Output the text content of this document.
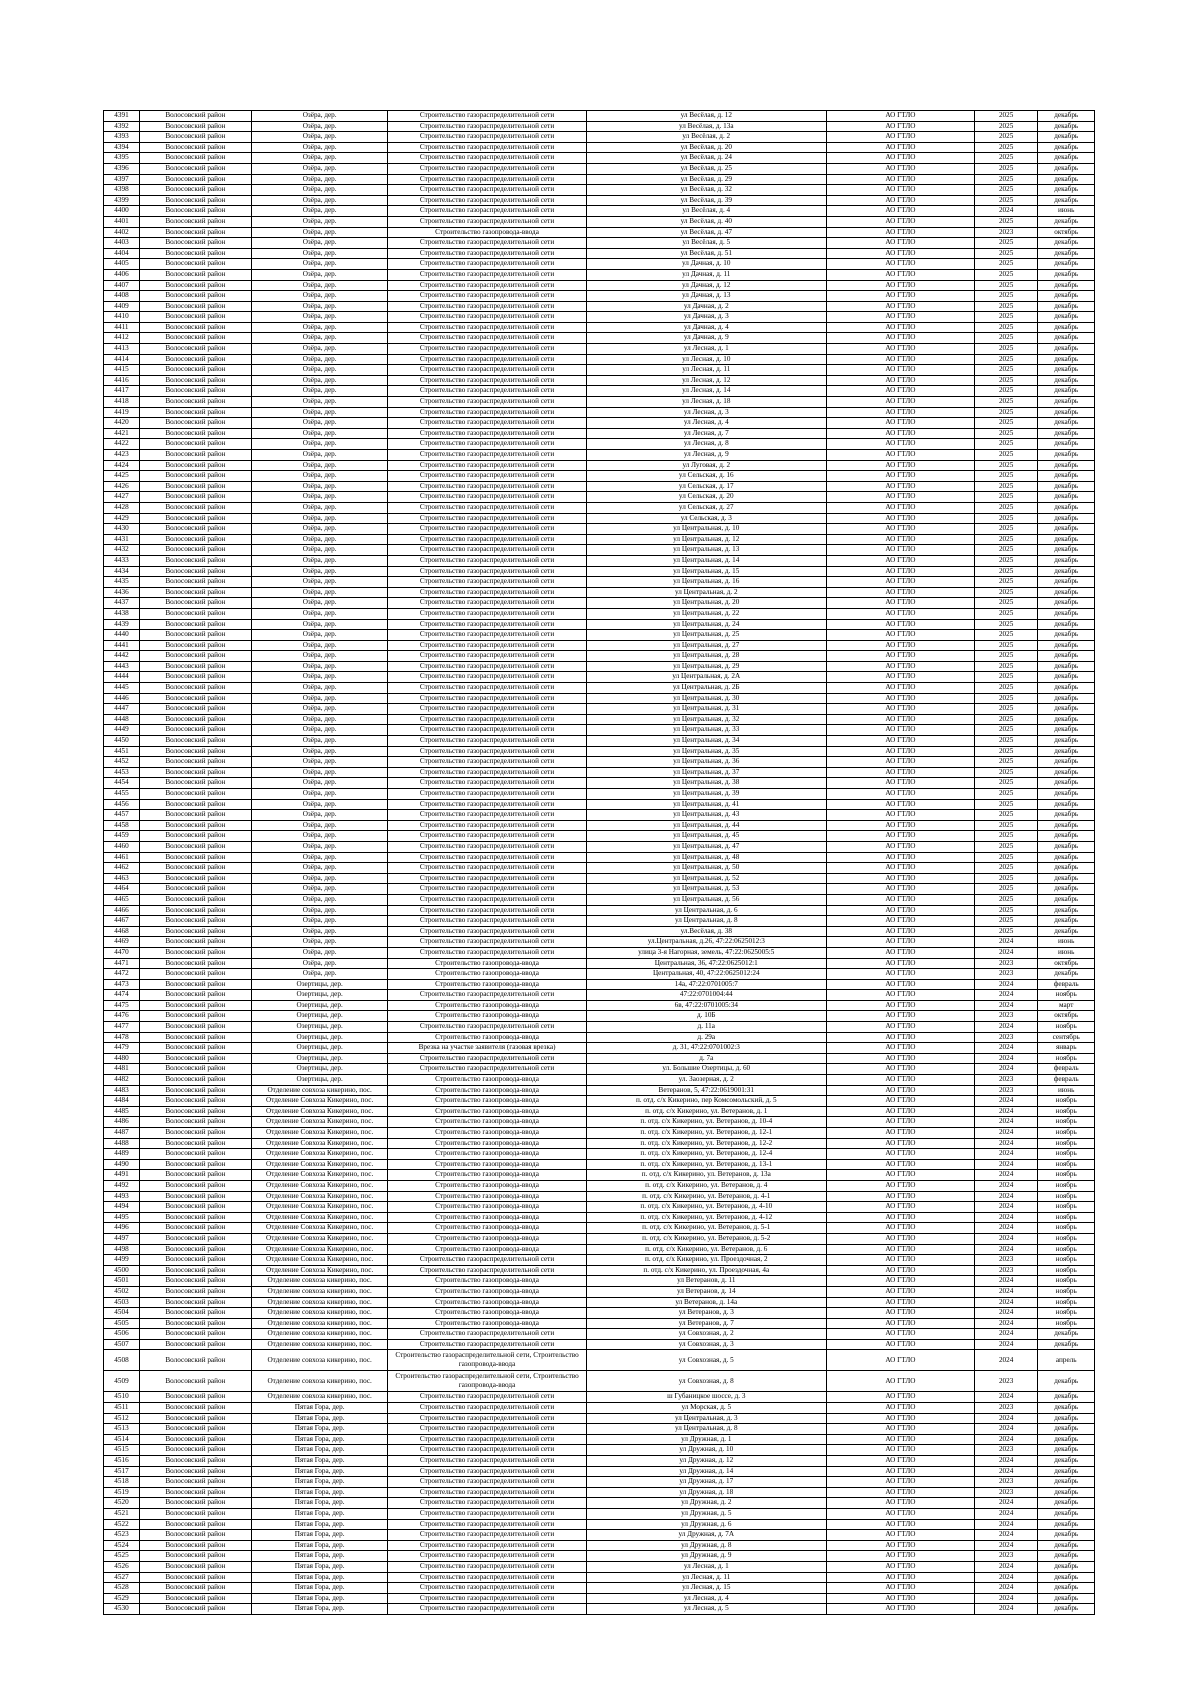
4391	Волосовский район	Озёра, дер.	Строительство газораспределительной сети	ул Весёлая, д. 12	АО ГТЛО	2025	декабрь
4392	Волосовский район	Озёра, дер.	Строительство газораспределительной сети	ул Весёлая, д. 13а	АО ГТЛО	2025	декабрь
4393	Волосовский район	Озёра, дер.	Строительство газораспределительной сети	ул Весёлая, д. 2	АО ГТЛО	2025	декабрь
4394	Волосовский район	Озёра, дер.	Строительство газораспределительной сети	ул Весёлая, д. 20	АО ГТЛО	2025	декабрь
4395	Волосовский район	Озёра, дер.	Строительство газораспределительной сети	ул Весёлая, д. 24	АО ГТЛО	2025	декабрь
4396	Волосовский район	Озёра, дер.	Строительство газораспределительной сети	ул Весёлая, д. 25	АО ГТЛО	2025	декабрь
4397	Волосовский район	Озёра, дер.	Строительство газораспределительной сети	ул Весёлая, д. 29	АО ГТЛО	2025	декабрь
4398	Волосовский район	Озёра, дер.	Строительство газораспределительной сети	ул Весёлая, д. 32	АО ГТЛО	2025	декабрь
4399	Волосовский район	Озёра, дер.	Строительство газораспределительной сети	ул Весёлая, д. 39	АО ГТЛО	2025	декабрь
4400	Волосовский район	Озёра, дер.	Строительство газораспределительной сети	ул Весёлая, д. 4	АО ГТЛО	2024	июнь
4401	Волосовский район	Озёра, дер.	Строительство газораспределительной сети	ул Весёлая, д. 40	АО ГТЛО	2025	декабрь
4402	Волосовский район	Озёра, дер.	Строительство газопровода-ввода	ул Весёлая, д. 47	АО ГТЛО	2023	октябрь
4403	Волосовский район	Озёра, дер.	Строительство газораспределительной сети	ул Весёлая, д. 5	АО ГТЛО	2025	декабрь
4404	Волосовский район	Озёра, дер.	Строительство газораспределительной сети	ул Весёлая, д. 51	АО ГТЛО	2025	декабрь
4405	Волосовский район	Озёра, дер.	Строительство газораспределительной сети	ул Дачная, д. 10	АО ГТЛО	2025	декабрь
4406	Волосовский район	Озёра, дер.	Строительство газораспределительной сети	ул Дачная, д. 11	АО ГТЛО	2025	декабрь
4407	Волосовский район	Озёра, дер.	Строительство газораспределительной сети	ул Дачная, д. 12	АО ГТЛО	2025	декабрь
4408	Волосовский район	Озёра, дер.	Строительство газораспределительной сети	ул Дачная, д. 13	АО ГТЛО	2025	декабрь
4409	Волосовский район	Озёра, дер.	Строительство газораспределительной сети	ул Дачная, д. 2	АО ГТЛО	2025	декабрь
4410	Волосовский район	Озёра, дер.	Строительство газораспределительной сети	ул Дачная, д. 3	АО ГТЛО	2025	декабрь
4411	Волосовский район	Озёра, дер.	Строительство газораспределительной сети	ул Дачная, д. 4	АО ГТЛО	2025	декабрь
4412	Волосовский район	Озёра, дер.	Строительство газораспределительной сети	ул Дачная, д. 9	АО ГТЛО	2025	декабрь
4413	Волосовский район	Озёра, дер.	Строительство газораспределительной сети	ул Лесная, д. 1	АО ГТЛО	2025	декабрь
4414	Волосовский район	Озёра, дер.	Строительство газораспределительной сети	ул Лесная, д. 10	АО ГТЛО	2025	декабрь
4415	Волосовский район	Озёра, дер.	Строительство газораспределительной сети	ул Лесная, д. 11	АО ГТЛО	2025	декабрь
4416	Волосовский район	Озёра, дер.	Строительство газораспределительной сети	ул Лесная, д. 12	АО ГТЛО	2025	декабрь
4417	Волосовский район	Озёра, дер.	Строительство газораспределительной сети	ул Лесная, д. 14	АО ГТЛО	2025	декабрь
4418	Волосовский район	Озёра, дер.	Строительство газораспределительной сети	ул Лесная, д. 18	АО ГТЛО	2025	декабрь
4419	Волосовский район	Озёра, дер.	Строительство газораспределительной сети	ул Лесная, д. 3	АО ГТЛО	2025	декабрь
4420	Волосовский район	Озёра, дер.	Строительство газораспределительной сети	ул Лесная, д. 4	АО ГТЛО	2025	декабрь
4421	Волосовский район	Озёра, дер.	Строительство газораспределительной сети	ул Лесная, д. 7	АО ГТЛО	2025	декабрь
4422	Волосовский район	Озёра, дер.	Строительство газораспределительной сети	ул Лесная, д. 8	АО ГТЛО	2025	декабрь
4423	Волосовский район	Озёра, дер.	Строительство газораспределительной сети	ул Лесная, д. 9	АО ГТЛО	2025	декабрь
4424	Волосовский район	Озёра, дер.	Строительство газораспределительной сети	ул Луговая, д. 2	АО ГТЛО	2025	декабрь
4425	Волосовский район	Озёра, дер.	Строительство газораспределительной сети	ул Сельская, д. 16	АО ГТЛО	2025	декабрь
4426	Волосовский район	Озёра, дер.	Строительство газораспределительной сети	ул Сельская, д. 17	АО ГТЛО	2025	декабрь
4427	Волосовский район	Озёра, дер.	Строительство газораспределительной сети	ул Сельская, д. 20	АО ГТЛО	2025	декабрь
4428	Волосовский район	Озёра, дер.	Строительство газораспределительной сети	ул Сельская, д. 27	АО ГТЛО	2025	декабрь
4429	Волосовский район	Озёра, дер.	Строительство газораспределительной сети	ул Сельская, д. 3	АО ГТЛО	2025	декабрь
4430	Волосовский район	Озёра, дер.	Строительство газораспределительной сети	ул Центральная, д. 10	АО ГТЛО	2025	декабрь
4431	Волосовский район	Озёра, дер.	Строительство газораспределительной сети	ул Центральная, д. 12	АО ГТЛО	2025	декабрь
4432	Волосовский район	Озёра, дер.	Строительство газораспределительной сети	ул Центральная, д. 13	АО ГТЛО	2025	декабрь
4433	Волосовский район	Озёра, дер.	Строительство газораспределительной сети	ул Центральная, д. 14	АО ГТЛО	2025	декабрь
4434	Волосовский район	Озёра, дер.	Строительство газораспределительной сети	ул Центральная, д. 15	АО ГТЛО	2025	декабрь
4435	Волосовский район	Озёра, дер.	Строительство газораспределительной сети	ул Центральная, д. 16	АО ГТЛО	2025	декабрь
4436	Волосовский район	Озёра, дер.	Строительство газораспределительной сети	ул Центральная, д. 2	АО ГТЛО	2025	декабрь
4437	Волосовский район	Озёра, дер.	Строительство газораспределительной сети	ул Центральная, д. 20	АО ГТЛО	2025	декабрь
4438	Волосовский район	Озёра, дер.	Строительство газораспределительной сети	ул Центральная, д. 22	АО ГТЛО	2025	декабрь
4439	Волосовский район	Озёра, дер.	Строительство газораспределительной сети	ул Центральная, д. 24	АО ГТЛО	2025	декабрь
4440	Волосовский район	Озёра, дер.	Строительство газораспределительной сети	ул Центральная, д. 25	АО ГТЛО	2025	декабрь
4441	Волосовский район	Озёра, дер.	Строительство газораспределительной сети	ул Центральная, д. 27	АО ГТЛО	2025	декабрь
4442	Волосовский район	Озёра, дер.	Строительство газораспределительной сети	ул Центральная, д. 28	АО ГТЛО	2025	декабрь
4443	Волосовский район	Озёра, дер.	Строительство газораспределительной сети	ул Центральная, д. 29	АО ГТЛО	2025	декабрь
4444	Волосовский район	Озёра, дер.	Строительство газораспределительной сети	ул Центральная, д. 2А	АО ГТЛО	2025	декабрь
4445	Волосовский район	Озёра, дер.	Строительство газораспределительной сети	ул Центральная, д. 2Б	АО ГТЛО	2025	декабрь
4446	Волосовский район	Озёра, дер.	Строительство газораспределительной сети	ул Центральная, д. 30	АО ГТЛО	2025	декабрь
4447	Волосовский район	Озёра, дер.	Строительство газораспределительной сети	ул Центральная, д. 31	АО ГТЛО	2025	декабрь
4448	Волосовский район	Озёра, дер.	Строительство газораспределительной сети	ул Центральная, д. 32	АО ГТЛО	2025	декабрь
4449	Волосовский район	Озёра, дер.	Строительство газораспределительной сети	ул Центральная, д. 33	АО ГТЛО	2025	декабрь
4450	Волосовский район	Озёра, дер.	Строительство газораспределительной сети	ул Центральная, д. 34	АО ГТЛО	2025	декабрь
4451	Волосовский район	Озёра, дер.	Строительство газораспределительной сети	ул Центральная, д. 35	АО ГТЛО	2025	декабрь
4452	Волосовский район	Озёра, дер.	Строительство газораспределительной сети	ул Центральная, д. 36	АО ГТЛО	2025	декабрь
4453	Волосовский район	Озёра, дер.	Строительство газораспределительной сети	ул Центральная, д. 37	АО ГТЛО	2025	декабрь
4454	Волосовский район	Озёра, дер.	Строительство газораспределительной сети	ул Центральная, д. 38	АО ГТЛО	2025	декабрь
4455	Волосовский район	Озёра, дер.	Строительство газораспределительной сети	ул Центральная, д. 39	АО ГТЛО	2025	декабрь
4456	Волосовский район	Озёра, дер.	Строительство газораспределительной сети	ул Центральная, д. 41	АО ГТЛО	2025	декабрь
4457	Волосовский район	Озёра, дер.	Строительство газораспределительной сети	ул Центральная, д. 43	АО ГТЛО	2025	декабрь
4458	Волосовский район	Озёра, дер.	Строительство газораспределительной сети	ул Центральная, д. 44	АО ГТЛО	2025	декабрь
4459	Волосовский район	Озёра, дер.	Строительство газораспределительной сети	ул Центральная, д. 45	АО ГТЛО	2025	декабрь
4460	Волосовский район	Озёра, дер.	Строительство газораспределительной сети	ул Центральная, д. 47	АО ГТЛО	2025	декабрь
4461	Волосовский район	Озёра, дер.	Строительство газораспределительной сети	ул Центральная, д. 48	АО ГТЛО	2025	декабрь
4462	Волосовский район	Озёра, дер.	Строительство газораспределительной сети	ул Центральная, д. 50	АО ГТЛО	2025	декабрь
4463	Волосовский район	Озёра, дер.	Строительство газораспределительной сети	ул Центральная, д. 52	АО ГТЛО	2025	декабрь
4464	Волосовский район	Озёра, дер.	Строительство газораспределительной сети	ул Центральная, д. 53	АО ГТЛО	2025	декабрь
4465	Волосовский район	Озёра, дер.	Строительство газораспределительной сети	ул Центральная, д. 56	АО ГТЛО	2025	декабрь
4466	Волосовский район	Озёра, дер.	Строительство газораспределительной сети	ул Центральная, д. 6	АО ГТЛО	2025	декабрь
4467	Волосовский район	Озёра, дер.	Строительство газораспределительной сети	ул Центральная, д. 8	АО ГТЛО	2025	декабрь
4468	Волосовский район	Озёра, дер.	Строительство газораспределительной сети	ул.Весёлая, д. 38	АО ГТЛО	2025	декабрь
4469	Волосовский район	Озёра, дер.	Строительство газораспределительной сети	ул.Центральная, д.26, 47:22:0625012:3	АО ГТЛО	2024	июнь
4470	Волосовский район	Озёра, дер.	Строительство газораспределительной сети	улица 3-я Нагорная, земель, 47:22:0625005:5	АО ГТЛО	2024	июнь
4471	Волосовский район	Озёра, дер.	Строительство газопровода-ввода	Центральная, 36, 47:22:0625012:1	АО ГТЛО	2023	октябрь
4472	Волосовский район	Озёра, дер.	Строительство газопровода-ввода	Центральная, 40, 47:22:0625012:24	АО ГТЛО	2023	декабрь
4473	Волосовский район	Озертицы, дер.	Строительство газопровода-ввода	14а, 47:22:0701005:7	АО ГТЛО	2024	февраль
4474	Волосовский район	Озертицы, дер.	Строительство газораспределительной сети	47:22:0701004:44	АО ГТЛО	2024	ноябрь
4475	Волосовский район	Озертицы, дер.	Строительство газопровода-ввода	6в, 47:22:0701005:34	АО ГТЛО	2024	март
4476	Волосовский район	Озертицы, дер.	Строительство газопровода-ввода	д. 10Б	АО ГТЛО	2023	октябрь
4477	Волосовский район	Озертицы, дер.	Строительство газораспределительной сети	д. 11а	АО ГТЛО	2024	ноябрь
4478	Волосовский район	Озертицы, дер.	Строительство газопровода-ввода	д. 29а	АО ГТЛО	2023	сентябрь
4479	Волосовский район	Озертицы, дер.	Врезка на участке заявителя (газовая врезка)	д. 31, 47:22:0701002:3	АО ГТЛО	2024	январь
4480	Волосовский район	Озертицы, дер.	Строительство газораспределительной сети	д. 7а	АО ГТЛО	2024	ноябрь
4481	Волосовский район	Озертицы, дер.	Строительство газораспределительной сети	ул. Большие Озертицы, д. 60	АО ГТЛО	2024	февраль
4482	Волосовский район	Озертицы, дер.	Строительство газопровода-ввода	ул. Заозерная, д. 2	АО ГТЛО	2023	февраль
4483	Волосовский район	Отделение совхоза кикерино, пос.	Строительство газопровода-ввода	Ветеранов, 5, 47:22:0619001:31	АО ГТЛО	2023	июнь
4484	Волосовский район	Отделение Совхоза Кикерино, пос.	Строительство газопровода-ввода	п. отд. с/х Кикерино, пер Комсомольский, д. 5	АО ГТЛО	2024	ноябрь
4485	Волосовский район	Отделение Совхоза Кикерино, пос.	Строительство газопровода-ввода	п. отд. с/х Кикерино, ул. Ветеранов, д. 1	АО ГТЛО	2024	ноябрь
4486	Волосовский район	Отделение Совхоза Кикерино, пос.	Строительство газопровода-ввода	п. отд. с/х Кикерино, ул. Ветеранов, д. 10-4	АО ГТЛО	2024	ноябрь
4487	Волосовский район	Отделение Совхоза Кикерино, пос.	Строительство газопровода-ввода	п. отд. с/х Кикерино, ул. Ветеранов, д. 12-1	АО ГТЛО	2024	ноябрь
4488	Волосовский район	Отделение Совхоза Кикерино, пос.	Строительство газопровода-ввода	п. отд. с/х Кикерино, ул. Ветеранов, д. 12-2	АО ГТЛО	2024	ноябрь
4489	Волосовский район	Отделение Совхоза Кикерино, пос.	Строительство газопровода-ввода	п. отд. с/х Кикерино, ул. Ветеранов, д. 12-4	АО ГТЛО	2024	ноябрь
4490	Волосовский район	Отделение Совхоза Кикерино, пос.	Строительство газопровода-ввода	п. отд. с/х Кикерино, ул. Ветеранов, д. 13-1	АО ГТЛО	2024	ноябрь
4491	Волосовский район	Отделение Совхоза Кикерино, пос.	Строительство газопровода-ввода	п. отд. с/х Кикерино, ул. Ветеранов, д. 13а	АО ГТЛО	2024	ноябрь
4492	Волосовский район	Отделение Совхоза Кикерино, пос.	Строительство газопровода-ввода	п. отд. с/х Кикерино, ул. Ветеранов, д. 4	АО ГТЛО	2024	ноябрь
4493	Волосовский район	Отделение Совхоза Кикерино, пос.	Строительство газопровода-ввода	п. отд. с/х Кикерино, ул. Ветеранов, д. 4-1	АО ГТЛО	2024	ноябрь
4494	Волосовский район	Отделение Совхоза Кикерино, пос.	Строительство газопровода-ввода	п. отд. с/х Кикерино, ул. Ветеранов, д. 4-10	АО ГТЛО	2024	ноябрь
4495	Волосовский район	Отделение Совхоза Кикерино, пос.	Строительство газопровода-ввода	п. отд. с/х Кикерино, ул. Ветеранов, д. 4-12	АО ГТЛО	2024	ноябрь
4496	Волосовский район	Отделение Совхоза Кикерино, пос.	Строительство газопровода-ввода	п. отд. с/х Кикерино, ул. Ветеранов, д. 5-1	АО ГТЛО	2024	ноябрь
4497	Волосовский район	Отделение Совхоза Кикерино, пос.	Строительство газопровода-ввода	п. отд. с/х Кикерино, ул. Ветеранов, д. 5-2	АО ГТЛО	2024	ноябрь
4498	Волосовский район	Отделение Совхоза Кикерино, пос.	Строительство газопровода-ввода	п. отд. с/х Кикерино, ул. Ветеранов, д. 6	АО ГТЛО	2024	ноябрь
4499	Волосовский район	Отделение Совхоза Кикерино, пос.	Строительство газораспределительной сети	п. отд. с/х Кикерино, ул. Проездочная, 2	АО ГТЛО	2023	ноябрь
4500	Волосовский район	Отделение Совхоза Кикерино, пос.	Строительство газораспределительной сети	п. отд. с/х Кикерино, ул. Проездочная, 4а	АО ГТЛО	2023	ноябрь
4501	Волосовский район	Отделение совхоза кикерино, пос.	Строительство газопровода-ввода	ул Ветеранов, д. 11	АО ГТЛО	2024	ноябрь
4502	Волосовский район	Отделение совхоза кикерино, пос.	Строительство газопровода-ввода	ул Ветеранов, д. 14	АО ГТЛО	2024	ноябрь
4503	Волосовский район	Отделение совхоза кикерино, пос.	Строительство газопровода-ввода	ул Ветеранов, д. 14а	АО ГТЛО	2024	ноябрь
4504	Волосовский район	Отделение совхоза кикерино, пос.	Строительство газопровода-ввода	ул Ветеранов, д. 3	АО ГТЛО	2024	ноябрь
4505	Волосовский район	Отделение совхоза кикерино, пос.	Строительство газопровода-ввода	ул Ветеранов, д. 7	АО ГТЛО	2024	ноябрь
4506	Волосовский район	Отделение совхоза кикерино, пос.	Строительство газораспределительной сети	ул Совхозная, д. 2	АО ГТЛО	2024	декабрь
4507	Волосовский район	Отделение совхоза кикерино, пос.	Строительство газораспределительной сети	ул Совхозная, д. 3	АО ГТЛО	2024	декабрь
4508	Волосовский район	Отделение совхоза кикерино, пос.	Строительство газораспределительной сети, Строительство газопровода-ввода	ул Совхозная, д. 5	АО ГТЛО	2024	апрель
4509	Волосовский район	Отделение совхоза кикерино, пос.	Строительство газораспределительной сети, Строительство газопровода-ввода	ул Совхозная, д. 8	АО ГТЛО	2023	декабрь
4510	Волосовский район	Отделение совхоза кикерино, пос.	Строительство газораспределительной сети	ш Губаницкое шоссе, д. 3	АО ГТЛО	2024	декабрь
4511	Волосовский район	Пятая Гора, дер.	Строительство газораспределительной сети	ул Морская, д. 5	АО ГТЛО	2023	декабрь
4512	Волосовский район	Пятая Гора, дер.	Строительство газораспределительной сети	ул Центральная, д. 3	АО ГТЛО	2024	декабрь
4513	Волосовский район	Пятая Гора, дер.	Строительство газораспределительной сети	ул Центральная, д. 8	АО ГТЛО	2024	декабрь
4514	Волосовский район	Пятая Гора, дер.	Строительство газораспределительной сети	ул Дружная, д. 1	АО ГТЛО	2024	декабрь
4515	Волосовский район	Пятая Гора, дер.	Строительство газораспределительной сети	ул Дружная, д. 10	АО ГТЛО	2023	декабрь
4516	Волосовский район	Пятая Гора, дер.	Строительство газораспределительной сети	ул Дружная, д. 12	АО ГТЛО	2024	декабрь
4517	Волосовский район	Пятая Гора, дер.	Строительство газораспределительной сети	ул Дружная, д. 14	АО ГТЛО	2024	декабрь
4518	Волосовский район	Пятая Гора, дер.	Строительство газораспределительной сети	ул Дружная, д. 17	АО ГТЛО	2023	декабрь
4519	Волосовский район	Пятая Гора, дер.	Строительство газораспределительной сети	ул Дружная, д. 18	АО ГТЛО	2023	декабрь
4520	Волосовский район	Пятая Гора, дер.	Строительство газораспределительной сети	ул Дружная, д. 2	АО ГТЛО	2024	декабрь
4521	Волосовский район	Пятая Гора, дер.	Строительство газораспределительной сети	ул Дружная, д. 5	АО ГТЛО	2024	декабрь
4522	Волосовский район	Пятая Гора, дер.	Строительство газораспределительной сети	ул Дружная, д. 6	АО ГТЛО	2024	декабрь
4523	Волосовский район	Пятая Гора, дер.	Строительство газораспределительной сети	ул Дружная, д. 7А	АО ГТЛО	2024	декабрь
4524	Волосовский район	Пятая Гора, дер.	Строительство газораспределительной сети	ул Дружная, д. 8	АО ГТЛО	2024	декабрь
4525	Волосовский район	Пятая Гора, дер.	Строительство газораспределительной сети	ул Дружная, д. 9	АО ГТЛО	2023	декабрь
4526	Волосовский район	Пятая Гора, дер.	Строительство газораспределительной сети	ул Лесная, д. 1	АО ГТЛО	2024	декабрь
4527	Волосовский район	Пятая Гора, дер.	Строительство газораспределительной сети	ул Лесная, д. 11	АО ГТЛО	2024	декабрь
4528	Волосовский район	Пятая Гора, дер.	Строительство газораспределительной сети	ул Лесная, д. 15	АО ГТЛО	2024	декабрь
4529	Волосовский район	Пятая Гора, дер.	Строительство газораспределительной сети	ул Лесная, д. 4	АО ГТЛО	2024	декабрь
4530	Волосовский район	Пятая Гора, дер.	Строительство газораспределительной сети	ул Лесная, д. 5	АО ГТЛО	2024	декабрь
